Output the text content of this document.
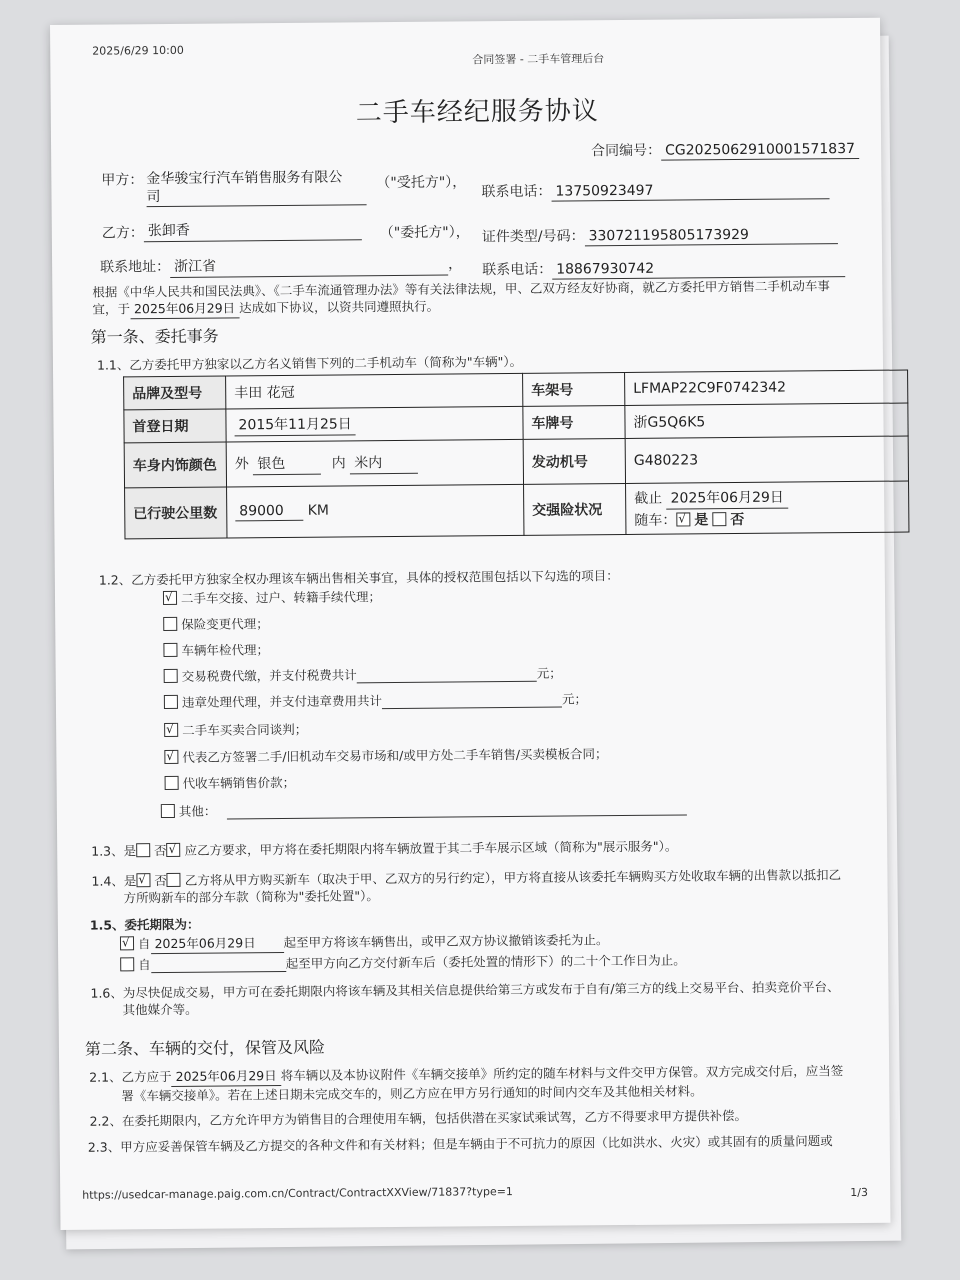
2025/6/29 10:00
合同签署 - 二手车管理后台
二手车经纪服务协议
合同编号： CG2025062910001571837
甲方： 金华骏宝行汽车销售服务有限公
司
（"受托方"），
联系电话： 13750923497
乙方： 张卸香	（"委托方"）， 证件类型/号码： 330721195805173929
联系地址： 浙江省	， 联系电话： 18867930742
根据《中华人民共和国民法典》、《二手车流通管理办法》等有关法律法规，甲、乙双方经友好协商，就乙方委托甲方销售二手机动车事
宜，于 2025年06月29日 达成如下协议，以资共同遵照执行。
第一条、委托事务
1.1、乙方委托甲方独家以乙方名义销售下列的二手机动车（简称为"车辆"）。
品牌及型号	丰田 花冠	车架号	LFMAP22C9F0742342
首登日期	2015年11月25日	车牌号	浙G5Q6K5
车身内饰颜色	外 银色 内 米内	发动机号	G480223
已行驶公里数	89000 KM	交强险状况	截止 2025年06月29日
随车： √ 是 否
1.2、乙方委托甲方独家全权办理该车辆出售相关事宜，具体的授权范围包括以下勾选的项目：
√二手车交接、过户、转籍手续代理；
保险变更代理；
车辆年检代理；
交易税费代缴，并支付税费共计	元；
违章处理代理，并支付违章费用共计	元；
√二手车买卖合同谈判；
√代表乙方签署二手/旧机动车交易市场和/或甲方处二手车销售/买卖模板合同；
代收车辆销售价款；
其他：
1.3、是 否 √ 应乙方要求，甲方将在委托期限内将车辆放置于其二手车展示区域（简称为"展示服务"）。
1.4、是 √ 否 乙方将从甲方购买新车（取决于甲、乙双方的另行约定），甲方将直接从该委托车辆购买方处收取车辆的出售款以抵扣乙
方所购新车的部分车款（简称为"委托处置"）。
1.5、委托期限为：
√自 2025年06月29日 起至甲方将该车辆售出，或甲乙双方协议撤销该委托为止。
自	起至甲方向乙方交付新车后（委托处置的情形下）的二十个工作日为止。
1.6、为尽快促成交易，甲方可在委托期限内将该车辆及其相关信息提供给第三方或发布于自有/第三方的线上交易平台、拍卖竞价平台、
其他媒介等。
第二条、车辆的交付，保管及风险
2.1、乙方应于 2025年06月29日 将车辆以及本协议附件《车辆交接单》所约定的随车材料与文件交甲方保管。双方完成交付后，应当签
署《车辆交接单》。若在上述日期未完成交车的，则乙方应在甲方另行通知的时间内交车及其他相关材料。
2.2、在委托期限内，乙方允许甲方为销售目的合理使用车辆，包括供潜在买家试乘试驾，乙方不得要求甲方提供补偿。
2.3、甲方应妥善保管车辆及乙方提交的各种文件和有关材料；但是车辆由于不可抗力的原因（比如洪水、火灾）或其固有的质量问题或
https://usedcar-manage.paig.com.cn/Contract/ContractXXView/71837?type=1	1/3
